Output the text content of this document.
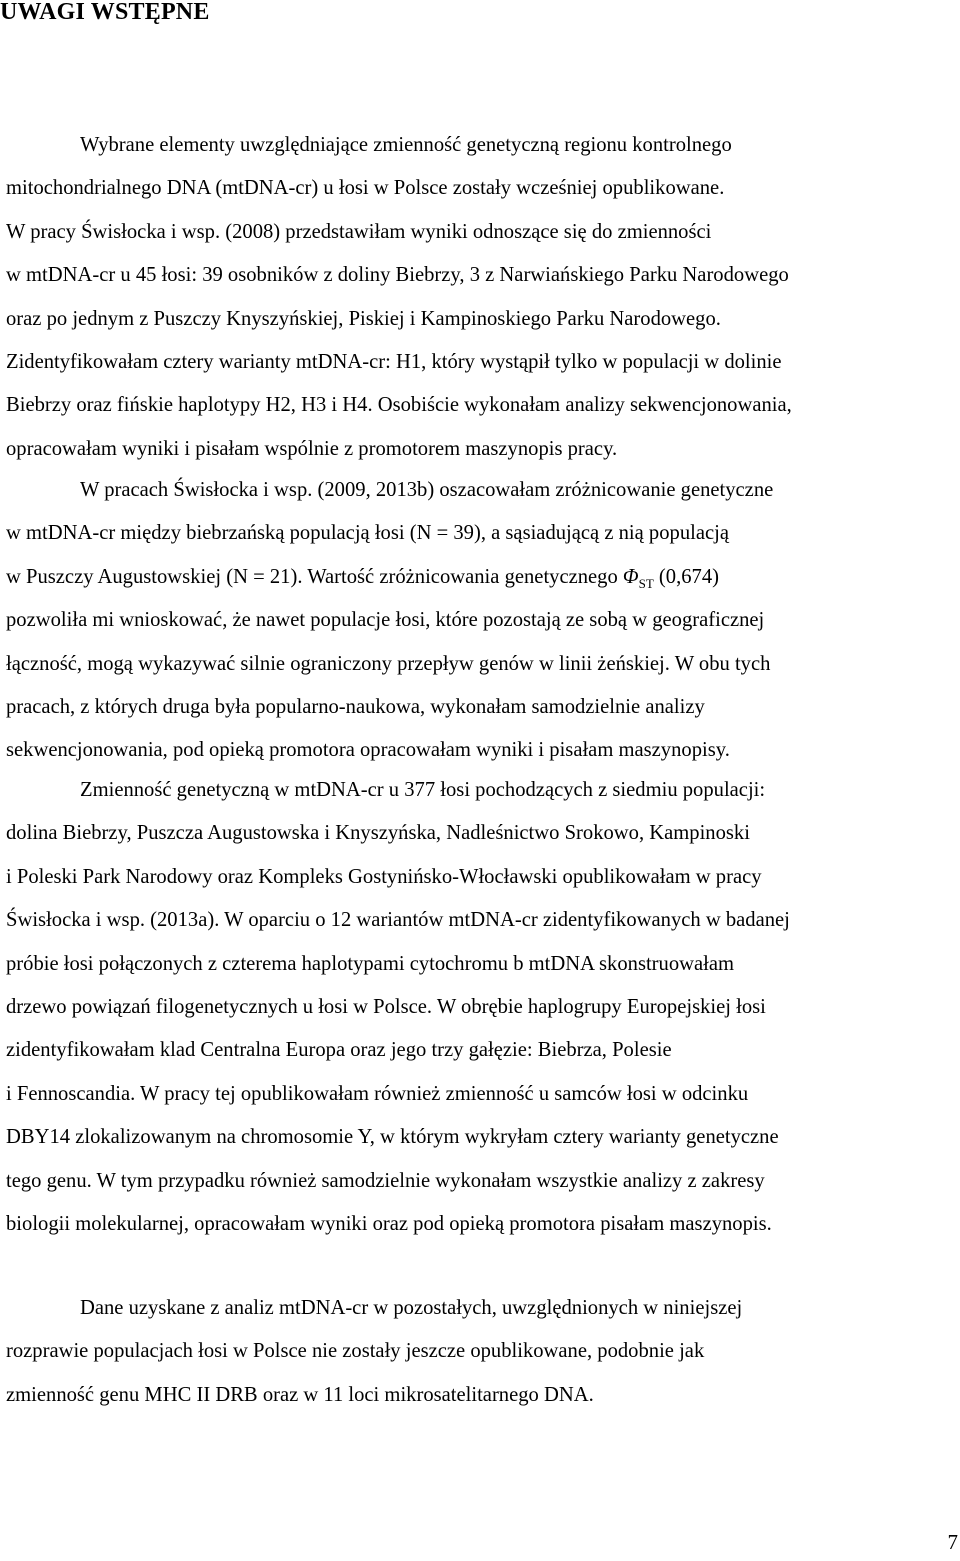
UWAGI WSTĘPNE

Wybrane elementy uwzględniające zmienność genetyczną regionu kontrolnego
mitochondrialnego DNA (mtDNA-cr) u łosi w Polsce zostały wcześniej opublikowane.
W pracy Świsłocka i wsp. (2008) przedstawiłam wyniki odnoszące się do zmienności
w mtDNA-cr u 45 łosi: 39 osobników z doliny Biebrzy, 3 z Narwiańskiego Parku Narodowego
oraz po jednym z Puszczy Knyszyńskiej, Piskiej i Kampinoskiego Parku Narodowego.
Zidentyfikowałam cztery warianty mtDNA-cr: H1, który wystąpił tylko w populacji w dolinie
Biebrzy oraz fińskie haplotypy H2, H3 i H4. Osobiście wykonałam analizy sekwencjonowania,
opracowałam wyniki i pisałam wspólnie z promotorem maszynopis pracy.

W pracach Świsłocka i wsp. (2009, 2013b) oszacowałam zróżnicowanie genetyczne
w mtDNA-cr między biebrzańską populacją łosi (N = 39), a sąsiadującą z nią populacją
w Puszczy Augustowskiej (N = 21). Wartość zróżnicowania genetycznego $\Phi_{ST}$ (0,674)
pozwoliła mi wnioskować, że nawet populacje łosi, które pozostają ze sobą w geograficznej
łączność, mogą wykazywać silnie ograniczony przepływ genów w linii żeńskiej. W obu tych
pracach, z których druga była popularno-naukowa, wykonałam samodzielnie analizy
sekwencjonowania, pod opieką promotora opracowałam wyniki i pisałam maszynopisy.

Zmienność genetyczną w mtDNA-cr u 377 łosi pochodzących z siedmiu populacji:
dolina Biebrzy, Puszcza Augustowska i Knyszyńska, Nadleśnictwo Srokowo, Kampinoski
i Poleski Park Narodowy oraz Kompleks Gostynińsko-Włocławski opublikowałam w pracy
Świsłocka i wsp. (2013a). W oparciu o 12 wariantów mtDNA-cr zidentyfikowanych w badanej
próbie łosi połączonych z czterema haplotypami cytochromu b mtDNA skonstruowałam
drzewo powiązań filogenetycznych u łosi w Polsce. W obrębie haplogrupy Europejskiej łosi
zidentyfikowałam klad Centralna Europa oraz jego trzy gałęzie: Biebrza, Polesie
i Fennoscandia. W pracy tej opublikowałam również zmienność u samców łosi w odcinku
DBY14 zlokalizowanym na chromosomie Y, w którym wykryłam cztery warianty genetyczne
tego genu. W tym przypadku również samodzielnie wykonałam wszystkie analizy z zakresy
biologii molekularnej, opracowałam wyniki oraz pod opieką promotora pisałam maszynopis.

Dane uzyskane z analiz mtDNA-cr w pozostałych, uwzględnionych w niniejszej
rozprawie populacjach łosi w Polsce nie zostały jeszcze opublikowane, podobnie jak
zmienność genu MHC II DRB oraz w 11 loci mikrosatelitarnego DNA.

7
